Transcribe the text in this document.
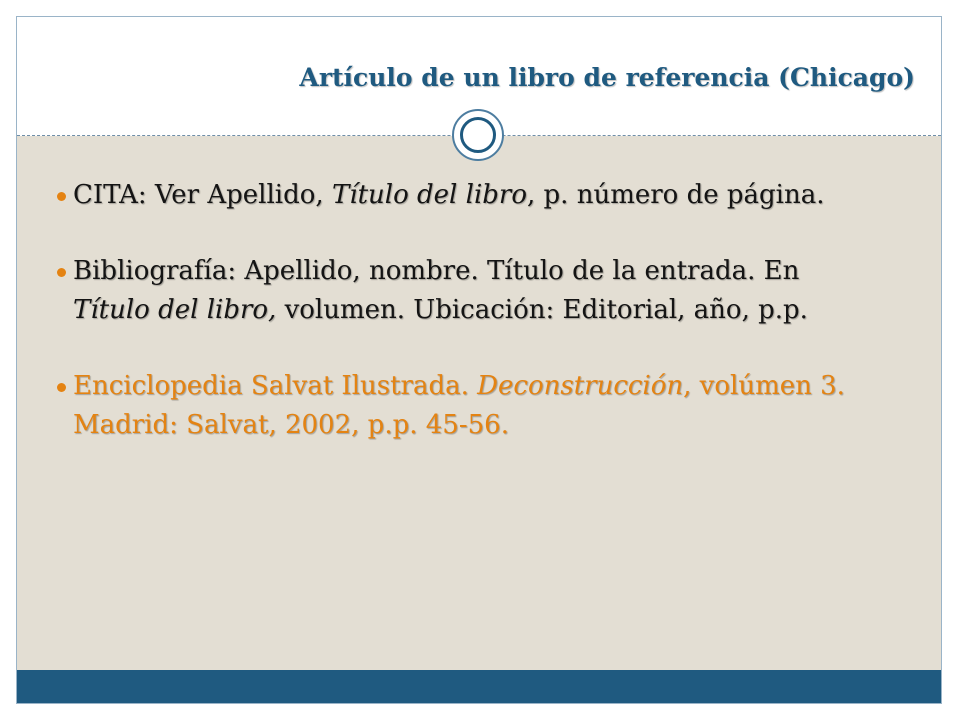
Artículo de un libro de referencia (Chicago)
CITA: Ver Apellido, Título del libro, p. número de página.
Bibliografía: Apellido, nombre. Título de la entrada. En Título del libro, volumen. Ubicación: Editorial, año, p.p.
Enciclopedia Salvat Ilustrada. Deconstrucción, volúmen 3. Madrid: Salvat, 2002, p.p. 45-56.
